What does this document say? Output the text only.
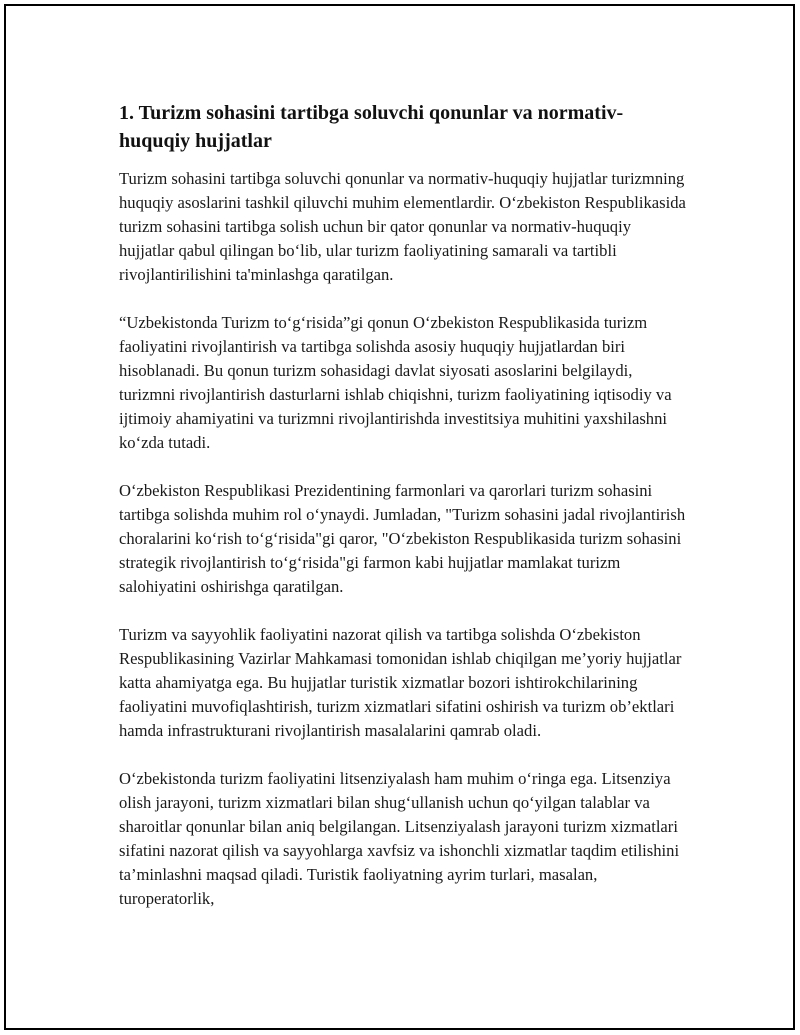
1. Turizm sohasini tartibga soluvchi qonunlar va normativ-huquqiy hujjatlar

Turizm sohasini tartibga soluvchi qonunlar va normativ-huquqiy hujjatlar turizmning huquqiy asoslarini tashkil qiluvchi muhim elementlardir. O‘zbekiston Respublikasida turizm sohasini tartibga solish uchun bir qator qonunlar va normativ-huquqiy hujjatlar qabul qilingan bo‘lib, ular turizm faoliyatining samarali va tartibli rivojlantirilishini ta'minlashga qaratilgan.

“Uzbekistonda Turizm to‘g‘risida”gi qonun O‘zbekiston Respublikasida turizm faoliyatini rivojlantirish va tartibga solishda asosiy huquqiy hujjatlardan biri hisoblanadi. Bu qonun turizm sohasidagi davlat siyosati asoslarini belgilaydi, turizmni rivojlantirish dasturlarni ishlab chiqishni, turizm faoliyatining iqtisodiy va ijtimoiy ahamiyatini va turizmni rivojlantirishda investitsiya muhitini yaxshilashni ko‘zda tutadi.

O‘zbekiston Respublikasi Prezidentining farmonlari va qarorlari turizm sohasini tartibga solishda muhim rol o‘ynaydi. Jumladan, "Turizm sohasini jadal rivojlantirish choralarini ko‘rish to‘g‘risida"gi qaror, "O‘zbekiston Respublikasida turizm sohasini strategik rivojlantirish to‘g‘risida"gi farmon kabi hujjatlar mamlakat turizm salohiyatini oshirishga qaratilgan.

Turizm va sayyohlik faoliyatini nazorat qilish va tartibga solishda O‘zbekiston Respublikasining Vazirlar Mahkamasi tomonidan ishlab chiqilgan me’yoriy hujjatlar katta ahamiyatga ega. Bu hujjatlar turistik xizmatlar bozori ishtirokchilarining faoliyatini muvofiqlashtirish, turizm xizmatlari sifatini oshirish va turizm ob’ektlari hamda infrastrukturani rivojlantirish masalalarini qamrab oladi.

O‘zbekistonda turizm faoliyatini litsenziyalash ham muhim o‘ringa ega. Litsenziya olish jarayoni, turizm xizmatlari bilan shug‘ullanish uchun qo‘yilgan talablar va sharoitlar qonunlar bilan aniq belgilangan. Litsenziyalash jarayoni turizm xizmatlari sifatini nazorat qilish va sayyohlarga xavfsiz va ishonchli xizmatlar taqdim etilishini ta’minlashni maqsad qiladi. Turistik faoliyatning ayrim turlari, masalan, turoperatorlik,
